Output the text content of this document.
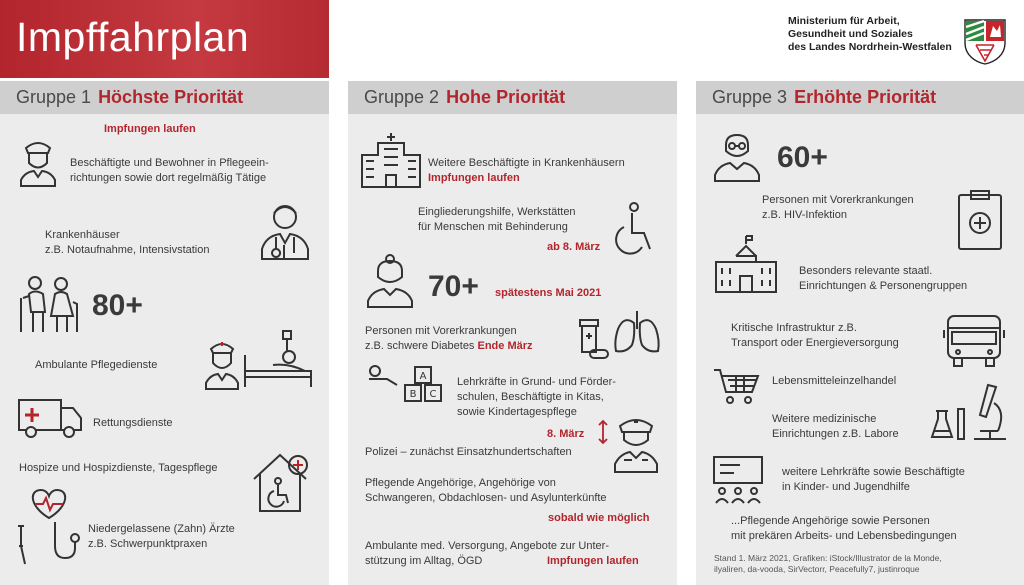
Impffahrplan	Ministerium für Arbeit,
Gesundheit und Soziales
des Landes Nordrhein-Westfalen
Gruppe 1 Höchste Priorität
Impfungen laufen
Beschäftigte und Bewohner in Pflegeein-
richtungen sowie dort regelmäßig Tätige
Krankenhäuser
z.B. Notaufnahme, Intensivstation
80+
Ambulante Pflegedienste
Rettungsdienste
Hospize und Hospizdienste, Tagespflege
Niedergelassene (Zahn) Ärzte
z.B. Schwerpunktpraxen
Gruppe 2 Hohe Priorität
Weitere Beschäftigte in Krankenhäusern
Impfungen laufen
Eingliederungshilfe, Werkstätten
für Menschen mit Behinderung
ab 8. März
70+ spätestens Mai 2021
Personen mit Vorerkrankungen
z.B. schwere Diabetes Ende März
A
B C
Lehrkräfte in Grund- und Förder-
schulen, Beschäftigte in Kitas,
sowie Kindertagespflege
8. März
Polizei – zunächst Einsatzhundertschaften
Pflegende Angehörige, Angehörige von
Schwangeren, Obdachlosen- und Asylunterkünfte
sobald wie möglich
Ambulante med. Versorgung, Angebote zur Unter-
stützung im Alltag, ÖGD	Impfungen laufen
Gruppe 3 Erhöhte Priorität
60+
Personen mit Vorerkrankungen
z.B. HIV-Infektion
Besonders relevante staatl.
Einrichtungen & Personengruppen
Kritische Infrastruktur z.B.
Transport oder Energieversorgung
Lebensmitteleinzelhandel
Weitere medizinische
Einrichtungen z.B. Labore
weitere Lehrkräfte sowie Beschäftigte
in Kinder- und Jugendhilfe
...Pflegende Angehörige sowie Personen
mit prekären Arbeits- und Lebensbedingungen
Stand 1. März 2021, Grafiken: iStock/Illustrator de la Monde,
ilyaliren, da-vooda, SirVectorr, Peacefully7, justinroque
